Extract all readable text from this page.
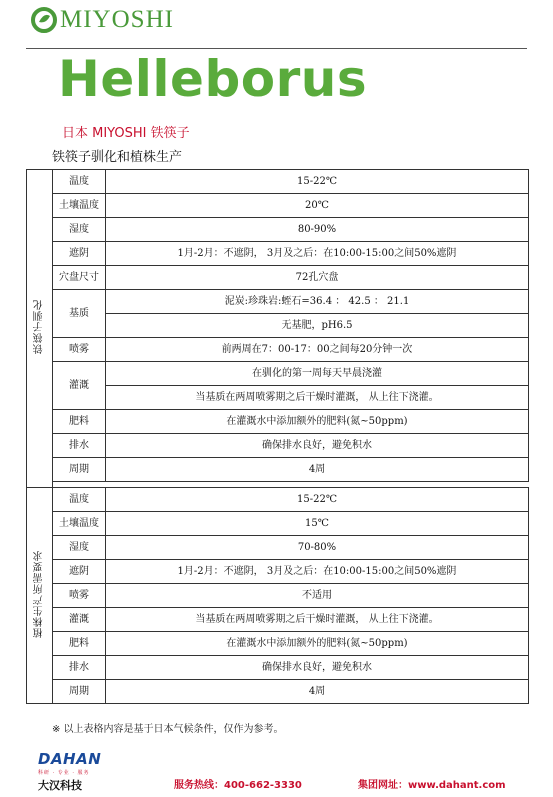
MIYOSHI
Helleborus
日本 MIYOSHI 铁筷子
铁筷子驯化和植株生产
铁筷子驯化	温度	15-22℃
	土壤温度	20℃
	湿度	80-90%
	遮阴	1月-2月：不遮阴， 3月及之后：在10:00-15:00之间50%遮阴
	穴盘尺寸	72孔穴盘
	基质	泥炭:珍珠岩:蛭石=36.4 ： 42.5 ： 21.1
		无基肥，pH6.5
	喷雾	前两周在7：00-17：00之间每20分钟一次
	灌溉	在驯化的第一周每天早晨浇灌
		当基质在两周喷雾期之后干燥时灌溉， 从上往下浇灌。
	肥料	在灌溉水中添加额外的肥料(氮~50ppm)
	排水	确保排水良好，避免积水
	周期	4周

植株生产所需要求	温度	15-22℃
	土壤温度	15℃
	湿度	70-80%
	遮阴	1月-2月：不遮阴， 3月及之后：在10:00-15:00之间50%遮阴
	喷雾	不适用
	灌溉	当基质在两周喷雾期之后干燥时灌溉， 从上往下浇灌。
	肥料	在灌溉水中添加额外的肥料(氮~50ppm)
	排水	确保排水良好，避免积水
	周期	4周
※ 以上表格内容是基于日本气候条件，仅作为参考。
DAHAN
科研 · 专业 · 服务
大汉科技	服务热线：400-662-3330	集团网址：www.dahant.com
